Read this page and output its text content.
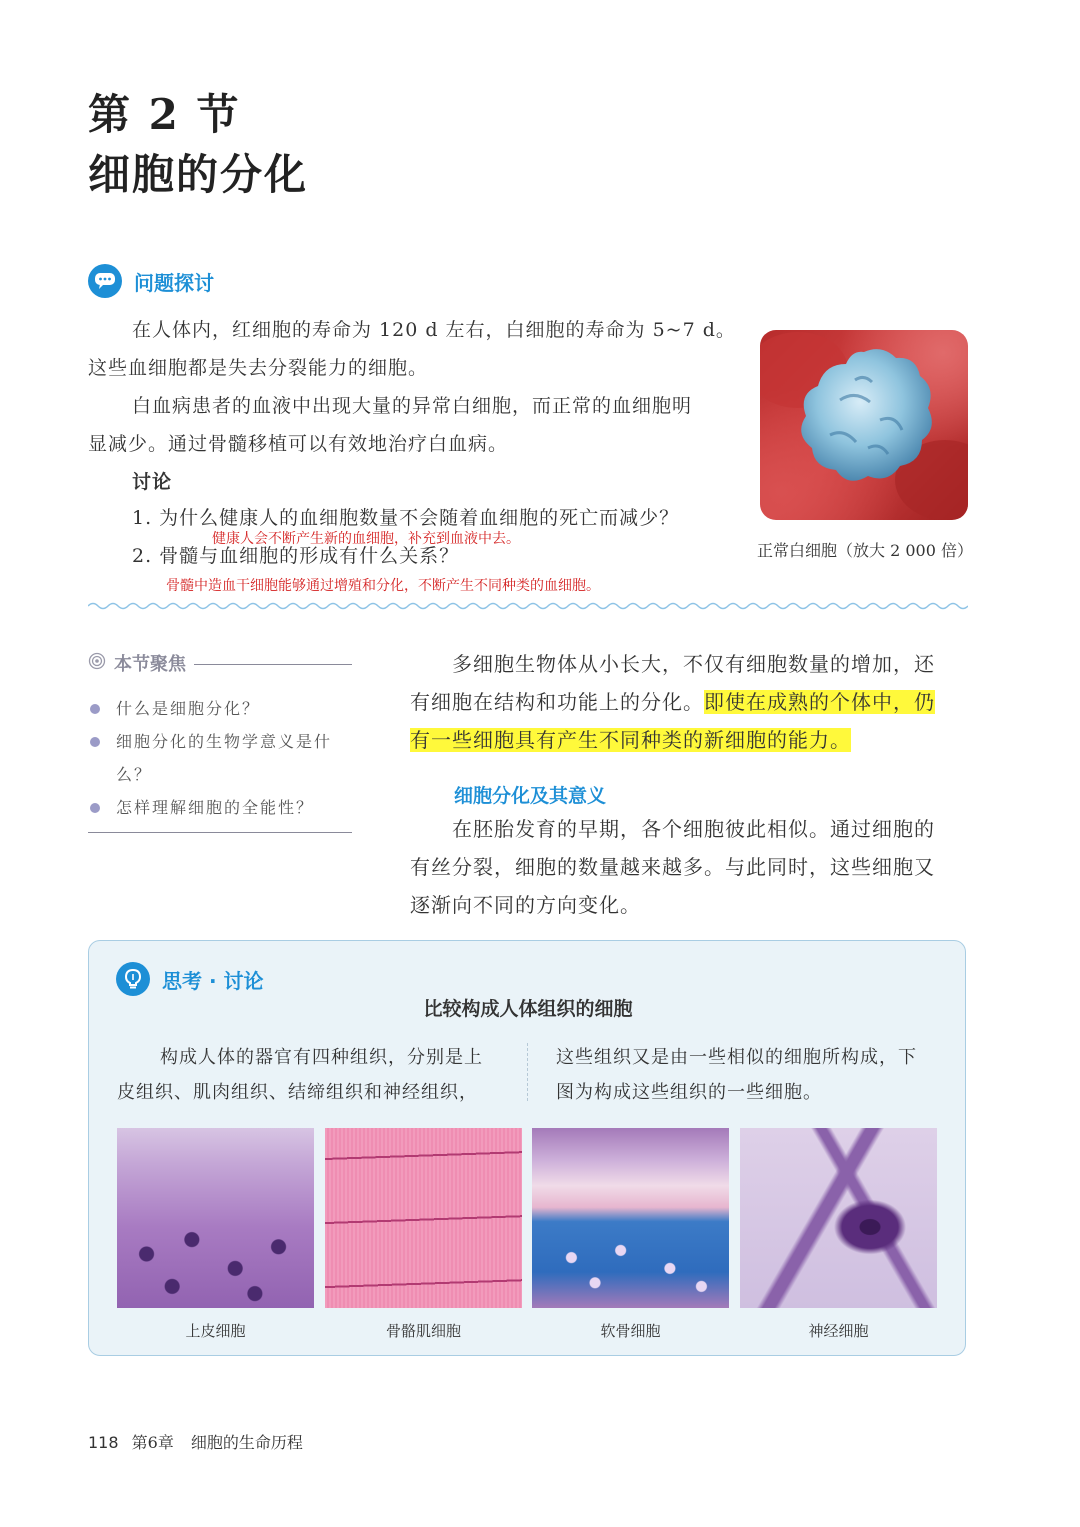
第 2 节
细胞的分化
问题探讨
在人体内，红细胞的寿命为 120 d 左右，白细胞的寿命为 5~7 d。
这些血细胞都是失去分裂能力的细胞。
白血病患者的血液中出现大量的异常白细胞，而正常的血细胞明
显减少。通过骨髓移植可以有效地治疗白血病。
讨论
1. 为什么健康人的血细胞数量不会随着血细胞的死亡而减少？
健康人会不断产生新的血细胞，补充到血液中去。
2. 骨髓与血细胞的形成有什么关系？
骨髓中造血干细胞能够通过增殖和分化，不断产生不同种类的血细胞。
正常白细胞（放大 2 000 倍）
本节聚焦
什么是细胞分化？
细胞分化的生物学意义是什么？
怎样理解细胞的全能性？
多细胞生物体从小长大，不仅有细胞数量的增加，还
有细胞在结构和功能上的分化。即使在成熟的个体中，仍
有一些细胞具有产生不同种类的新细胞的能力。
细胞分化及其意义
在胚胎发育的早期，各个细胞彼此相似。通过细胞的
有丝分裂，细胞的数量越来越多。与此同时，这些细胞又
逐渐向不同的方向变化。
思考 · 讨论
比较构成人体组织的细胞
构成人体的器官有四种组织，分别是上
皮组织、肌肉组织、结缔组织和神经组织，
这些组织又是由一些相似的细胞所构成，下
图为构成这些组织的一些细胞。
上皮细胞	骨骼肌细胞	软骨细胞	神经细胞
118 第6章 细胞的生命历程
